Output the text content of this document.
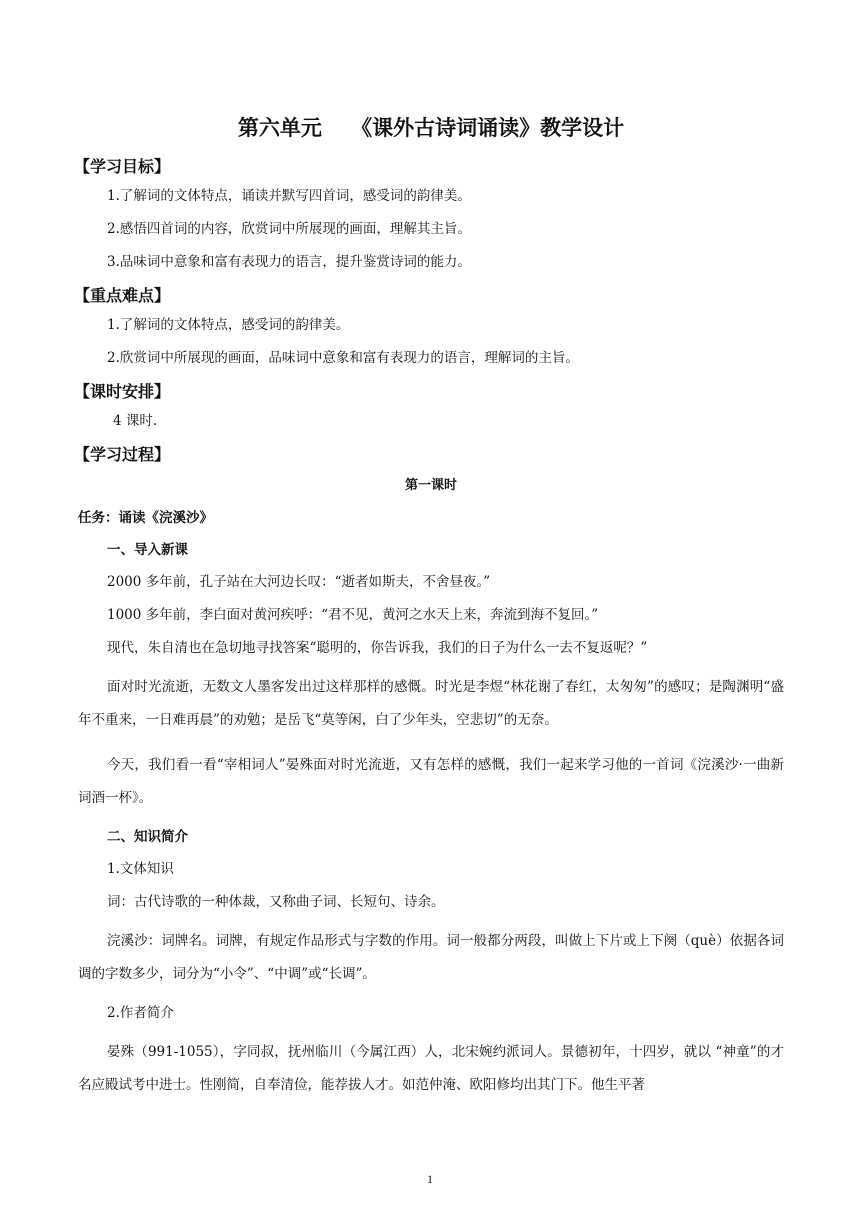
第六单元    《课外古诗词诵读》教学设计
【学习目标】

1.了解词的文体特点，诵读并默写四首词，感受词的韵律美。

2.感悟四首词的内容，欣赏词中所展现的画面，理解其主旨。

3.品味词中意象和富有表现力的语言，提升鉴赏诗词的能力。

【重点难点】

1.了解词的文体特点，感受词的韵律美。

2.欣赏词中所展现的画面，品味词中意象和富有表现力的语言，理解词的主旨。

【课时安排】

4 课时.

【学习过程】
第一课时
任务：诵读《浣溪沙》
一、导入新课

2000 多年前，孔子站在大河边长叹：“逝者如斯夫，不舍昼夜。”

1000 多年前，李白面对黄河疾呼：“君不见，黄河之水天上来，奔流到海不复回。”

现代，朱自清也在急切地寻找答案“聪明的，你告诉我，我们的日子为什么一去不复返呢？”

面对时光流逝，无数文人墨客发出过这样那样的感慨。时光是李煜“林花谢了春红，太匆匆”的感叹；是陶渊明“盛年不重来，一日难再晨”的劝勉；是岳飞“莫等闲，白了少年头，空悲切”的无奈。

今天，我们看一看“宰相词人”晏殊面对时光流逝，又有怎样的感慨，我们一起来学习他的一首词《浣溪沙·一曲新词酒一杯》。

二、知识简介

1.文体知识

词：古代诗歌的一种体裁，又称曲子词、长短句、诗余。

浣溪沙：词牌名。词牌，有规定作品形式与字数的作用。词一般都分两段，叫做上下片或上下阕（què）依据各词调的字数多少，词分为“小令”、“中调”或“长调”。

2.作者简介

晏殊（991-1055），字同叔，抚州临川（今属江西）人，北宋婉约派词人。景德初年，十四岁，就以 “神童”的才名应殿试考中进士。性刚简，自奉清俭，能荐拔人才。如范仲淹、欧阳修均出其门下。他生平著

1
